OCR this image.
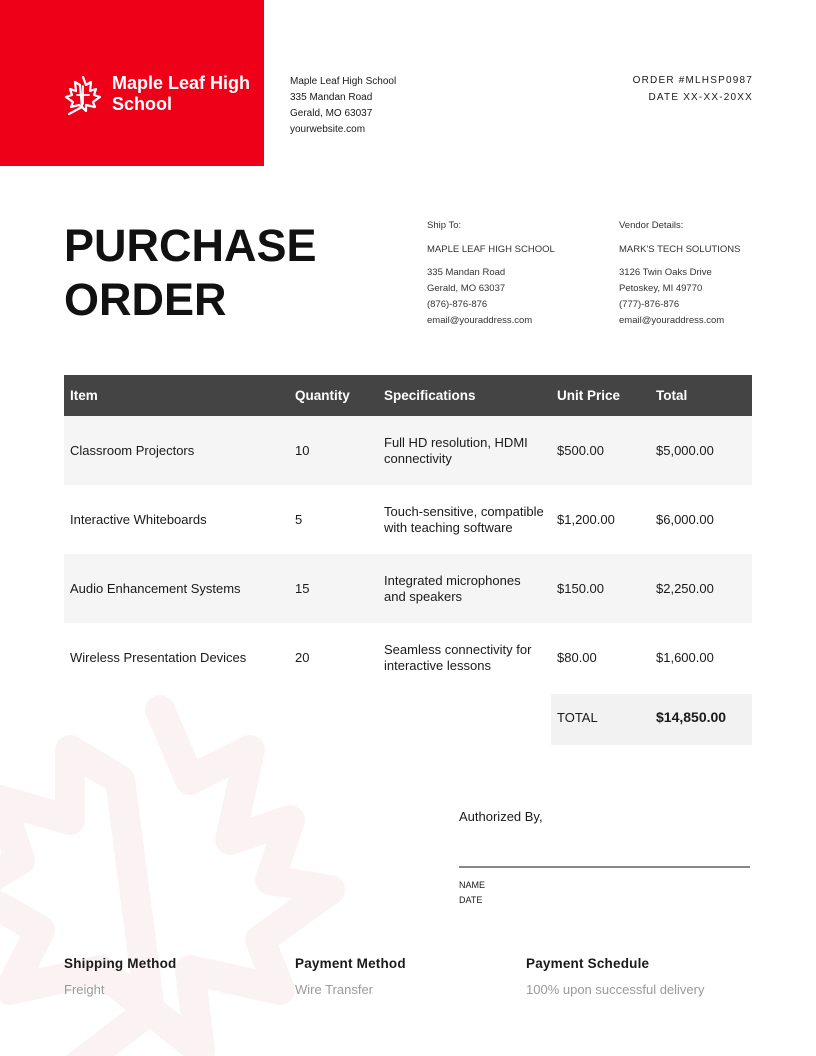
Maple Leaf High School
Maple Leaf High School
335 Mandan Road
Gerald, MO 63037
yourwebsite.com
ORDER #MLHSP0987
DATE XX-XX-20XX
PURCHASE
ORDER
Ship To:
MAPLE LEAF HIGH SCHOOL
335 Mandan Road
Gerald, MO 63037
(876)-876-876
email@youraddress.com
Vendor Details:
MARK'S TECH SOLUTIONS
3126 Twin Oaks Drive
Petoskey, MI 49770
(777)-876-876
email@youraddress.com
Item	Quantity	Specifications	Unit Price	Total
Classroom Projectors	10	Full HD resolution, HDMI connectivity	$500.00	$5,000.00
Interactive Whiteboards	5	Touch-sensitive, compatible with teaching software	$1,200.00	$6,000.00
Audio Enhancement Systems	15	Integrated microphones and speakers	$150.00	$2,250.00
Wireless Presentation Devices	20	Seamless connectivity for interactive lessons	$80.00	$1,600.00
TOTAL	$14,850.00
Authorized By,
NAME
DATE
Shipping Method
Freight
Payment Method
Wire Transfer
Payment Schedule
100% upon successful delivery
